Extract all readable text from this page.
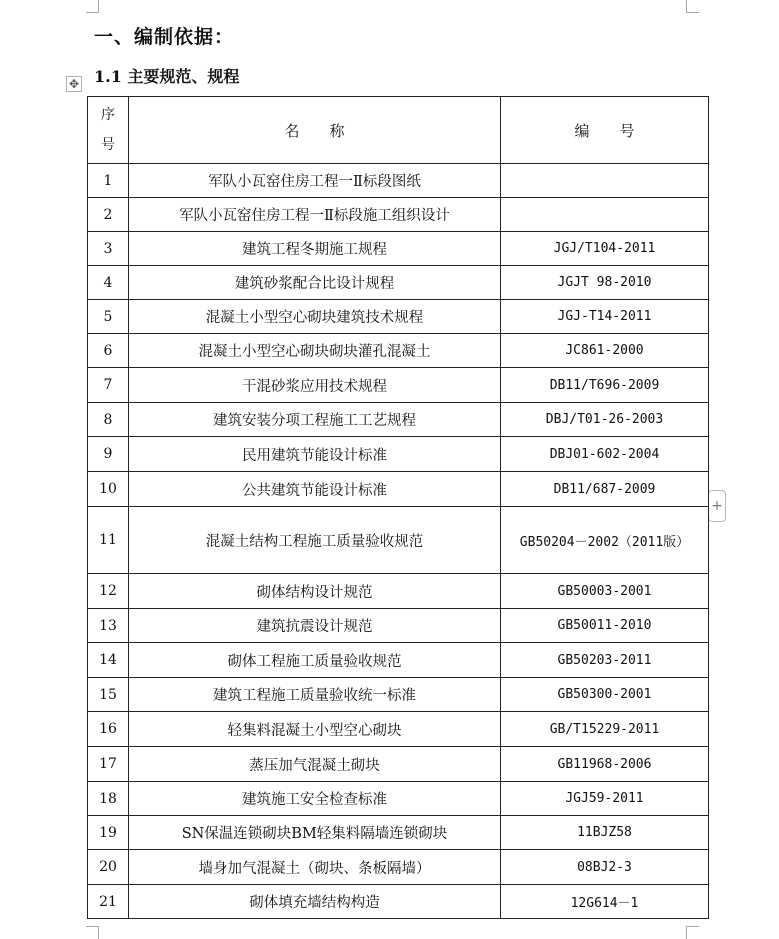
一、编制依据：
1.1 主要规范、规程
✥
+
序
号	名　　称	编　　号
1	军队小瓦窑住房工程一Ⅱ标段图纸	
2	军队小瓦窑住房工程一Ⅱ标段施工组织设计	
3	建筑工程冬期施工规程	JGJ/T104-2011
4	建筑砂浆配合比设计规程	JGJT 98-2010
5	混凝土小型空心砌块建筑技术规程	JGJ-T14-2011
6	混凝土小型空心砌块砌块灌孔混凝土	JC861-2000
7	干混砂浆应用技术规程	DB11/T696-2009
8	建筑安装分项工程施工工艺规程	DBJ/T01-26-2003
9	民用建筑节能设计标准	DBJ01-602-2004
10	公共建筑节能设计标准	DB11/687-2009
11	混凝土结构工程施工质量验收规范	GB50204－2002（2011版）
12	砌体结构设计规范	GB50003-2001
13	建筑抗震设计规范	GB50011-2010
14	砌体工程施工质量验收规范	GB50203-2011
15	建筑工程施工质量验收统一标准	GB50300-2001
16	轻集料混凝土小型空心砌块	GB/T15229-2011
17	蒸压加气混凝土砌块	GB11968-2006
18	建筑施工安全检查标准	JGJ59-2011
19	SN保温连锁砌块BM轻集料隔墙连锁砌块	11BJZ58
20	墙身加气混凝土（砌块、条板隔墙）	08BJ2-3
21	砌体填充墙结构构造	12G614－1
